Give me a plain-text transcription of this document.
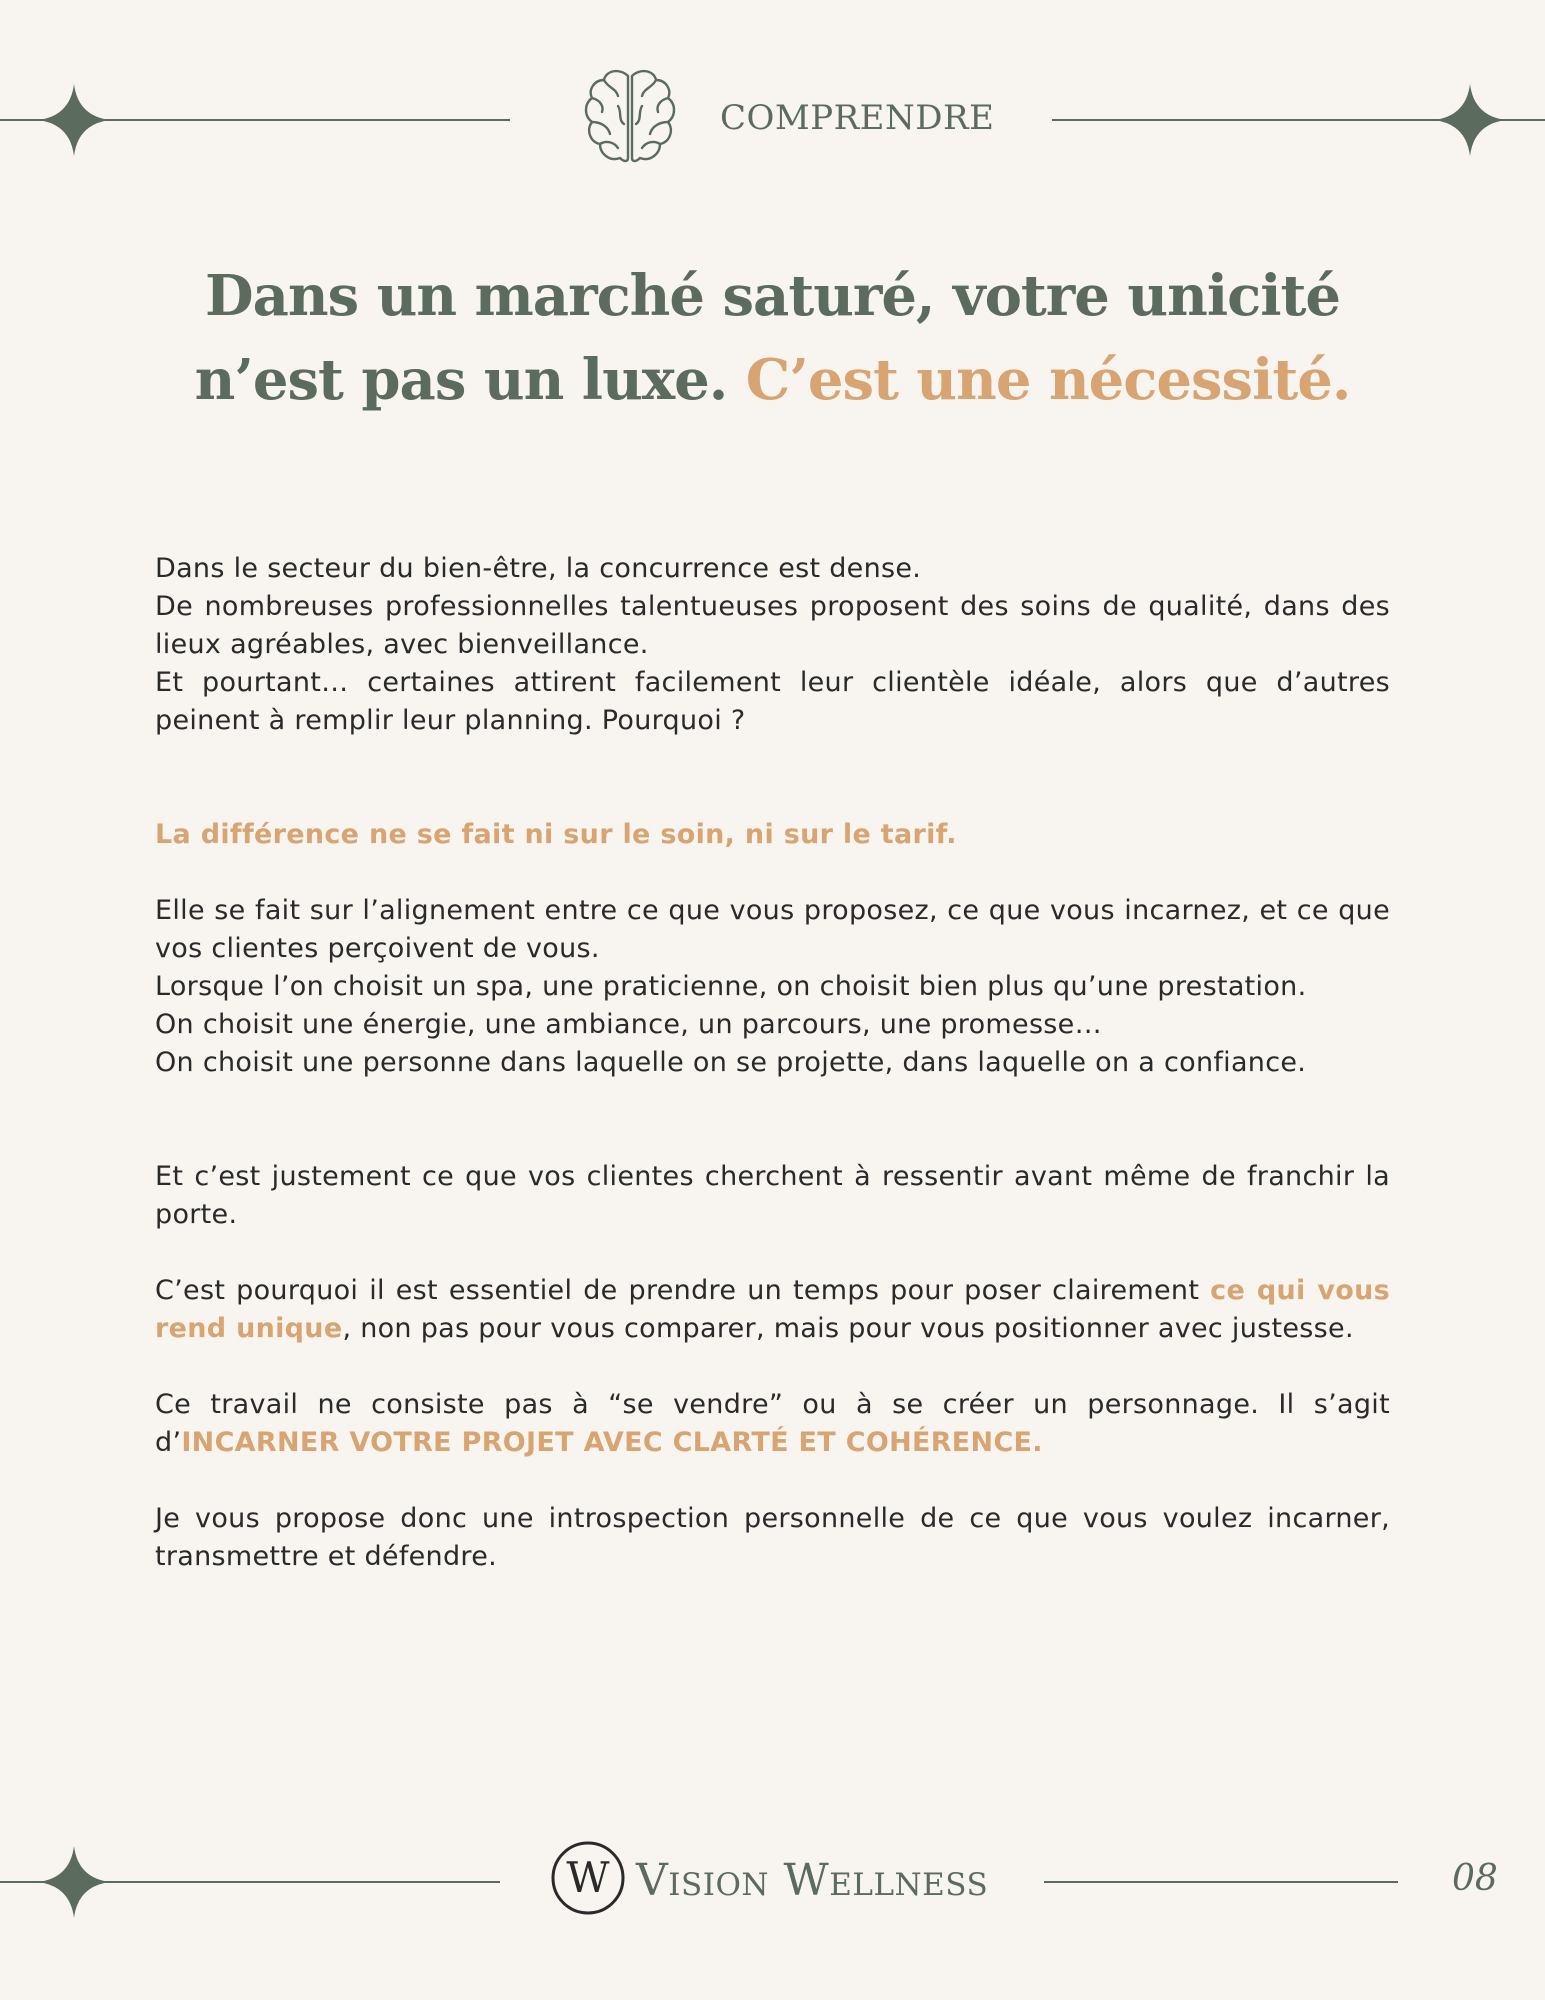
COMPRENDRE
Dans un marché saturé, votre unicité
n’est pas un luxe. C’est une nécessité.

Dans le secteur du bien-être, la concurrence est dense.
De nombreuses professionnelles talentueuses proposent des soins de qualité, dans des lieux agréables, avec bienveillance.
Et pourtant… certaines attirent facilement leur clientèle idéale, alors que d’autres peinent à remplir leur planning. Pourquoi ?

La différence ne se fait ni sur le soin, ni sur le tarif.

Elle se fait sur l’alignement entre ce que vous proposez, ce que vous incarnez, et ce que vos clientes perçoivent de vous.
Lorsque l’on choisit un spa, une praticienne, on choisit bien plus qu’une prestation.
On choisit une énergie, une ambiance, un parcours, une promesse…
On choisit une personne dans laquelle on se projette, dans laquelle on a confiance.

Et c’est justement ce que vos clientes cherchent à ressentir avant même de franchir la porte.

C’est pourquoi il est essentiel de prendre un temps pour poser clairement ce qui vous rend unique, non pas pour vous comparer, mais pour vous positionner avec justesse.

Ce travail ne consiste pas à “se vendre” ou à se créer un personnage. Il s’agit d’INCARNER VOTRE PROJET AVEC CLARTÉ ET COHÉRENCE.

Je vous propose donc une introspection personnelle de ce que vous voulez incarner, transmettre et défendre.

W Vision Wellness	08
